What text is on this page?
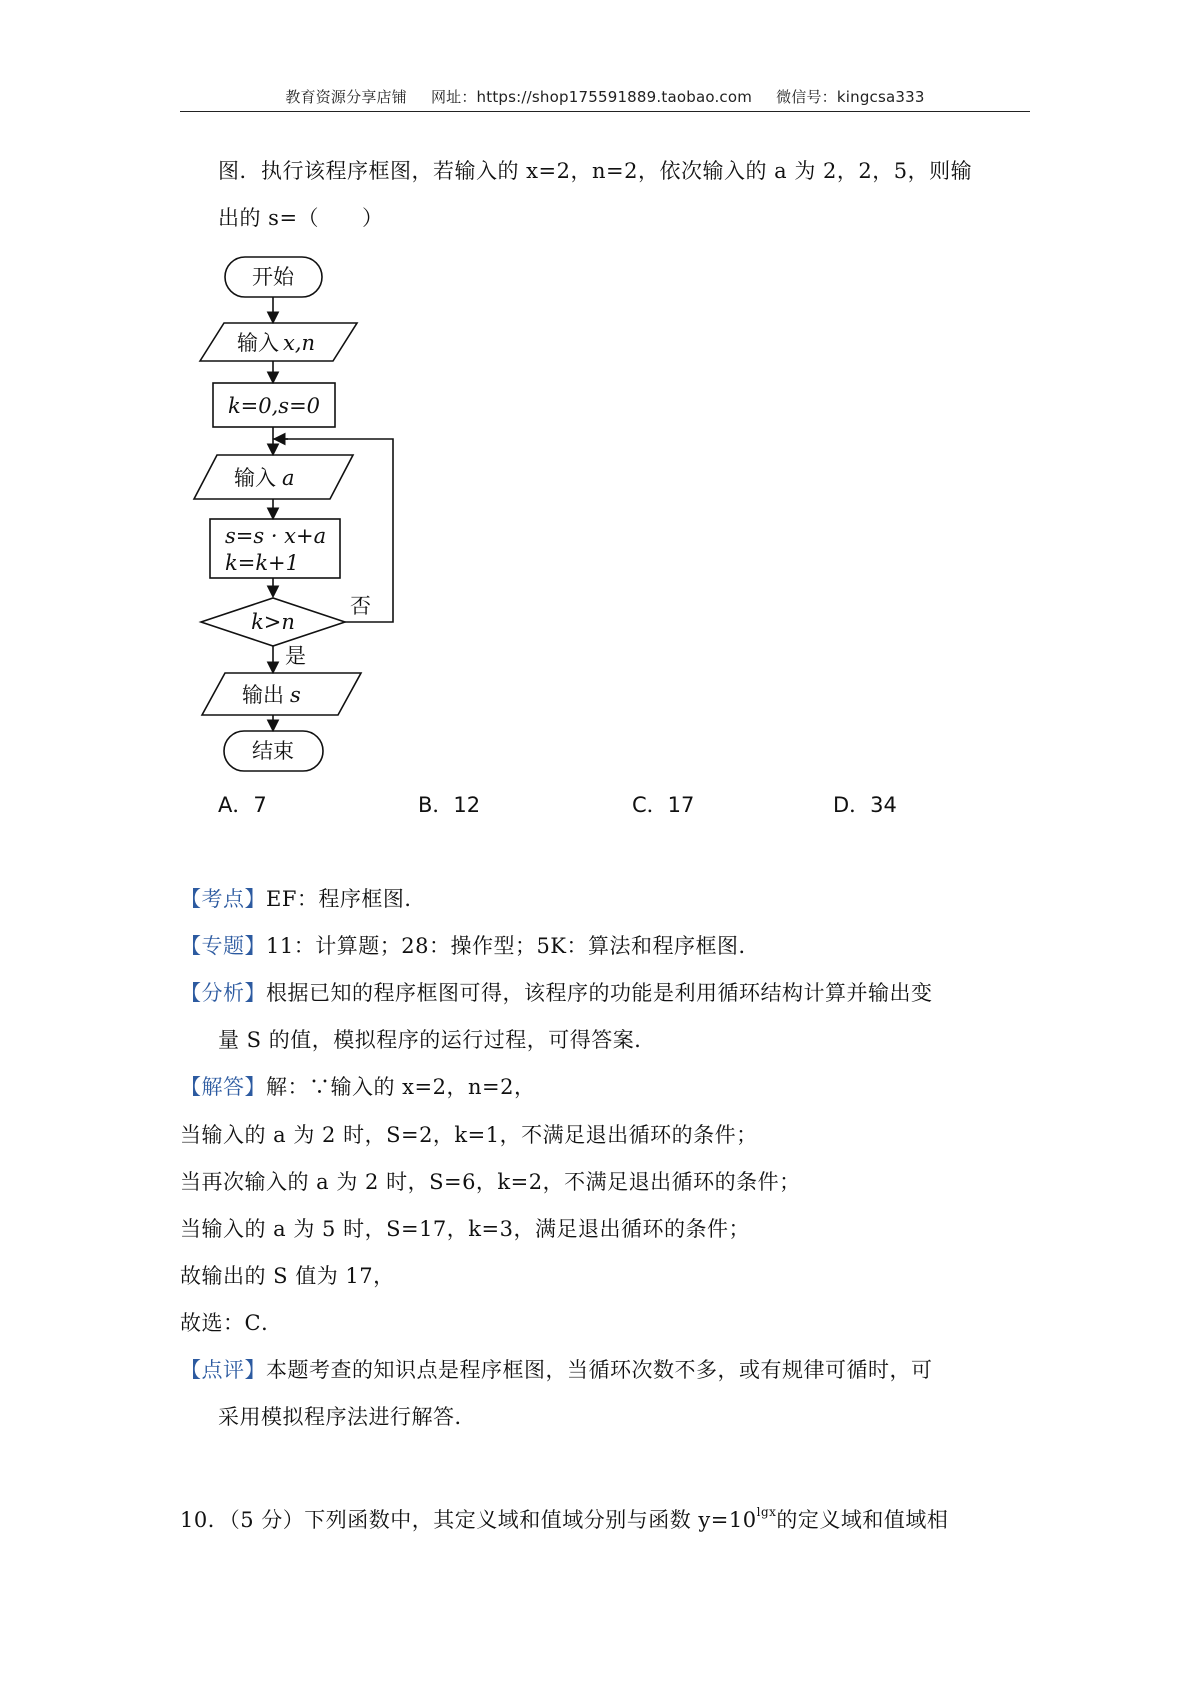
教育资源分享店铺 网址：https://shop175591889.taobao.com 微信号：kingcsa333
图．执行该程序框图，若输入的 x=2，n=2，依次输入的 a 为 2，2，5，则输
出的 s=（　　）
开始
输入 x,n
k=0,s=0
输入 a
s=s · x+a
k=k+1
k>n
否
是
输出 s
结束
A．7	B．12	C．17	D．34
【考点】EF：程序框图．
【专题】11：计算题；28：操作型；5K：算法和程序框图．
【分析】根据已知的程序框图可得，该程序的功能是利用循环结构计算并输出变
量 S 的值，模拟程序的运行过程，可得答案．
【解答】解：∵输入的 x=2，n=2，
当输入的 a 为 2 时，S=2，k=1，不满足退出循环的条件；
当再次输入的 a 为 2 时，S=6，k=2，不满足退出循环的条件；
当输入的 a 为 5 时，S=17，k=3，满足退出循环的条件；
故输出的 S 值为 17，
故选：C．
【点评】本题考查的知识点是程序框图，当循环次数不多，或有规律可循时，可
采用模拟程序法进行解答．
10．（5 分）下列函数中，其定义域和值域分别与函数 $y=10^{lgx}$的定义域和值域相
